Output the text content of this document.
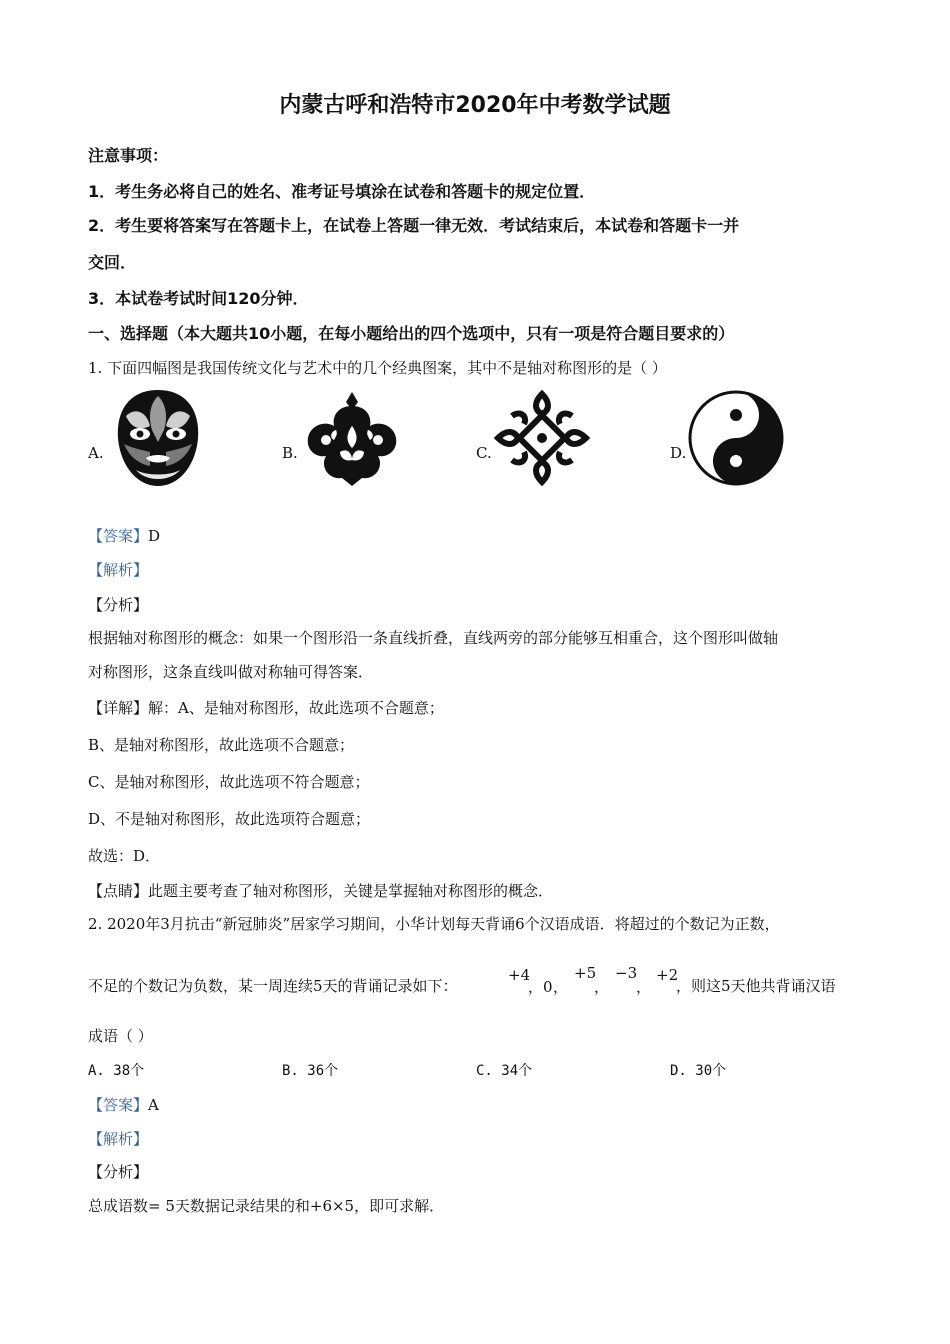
内蒙古呼和浩特市2020年中考数学试题
注意事项：
1．考生务必将自己的姓名、准考证号填涂在试卷和答题卡的规定位置．
2．考生要将答案写在答题卡上，在试卷上答题一律无效．考试结束后，本试卷和答题卡一并
交回．
3．本试卷考试时间120分钟．
一、选择题（本大题共10小题，在每小题给出的四个选项中，只有一项是符合题目要求的）
1. 下面四幅图是我国传统文化与艺术中的几个经典图案，其中不是轴对称图形的是（ ）
A.	B.	C.	D.
【答案】D
【解析】
【分析】
根据轴对称图形的概念：如果一个图形沿一条直线折叠，直线两旁的部分能够互相重合，这个图形叫做轴
对称图形，这条直线叫做对称轴可得答案．
【详解】解：A、是轴对称图形，故此选项不合题意；
B、是轴对称图形，故此选项不合题意；
C、是轴对称图形，故此选项不符合题意；
D、不是轴对称图形，故此选项符合题意；
故选：D．
【点睛】此题主要考查了轴对称图形，关键是掌握轴对称图形的概念．
2. 2020年3月抗击“新冠肺炎”居家学习期间，小华计划每天背诵6个汉语成语．将超过的个数记为正数，
不足的个数记为负数，某一周连续5天的背诵记录如下：
+4
， 0 ，
+5
，
−3
，
+2
，则这5天他共背诵汉语
成语（ ）
A. 38个	B. 36个	C. 34个	D. 30个
【答案】A
【解析】
【分析】
总成语数= 5天数据记录结果的和+6×5，即可求解．
